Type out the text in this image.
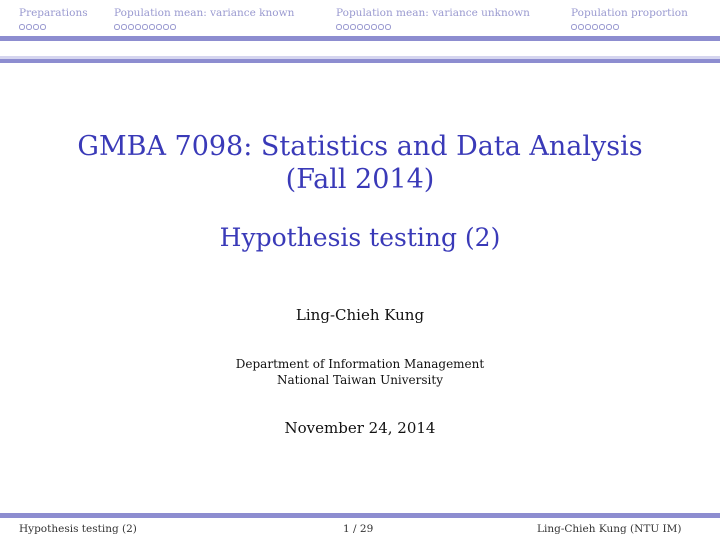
Preparations	Population mean: variance known	Population mean: variance unknown	Population proportion
GMBA 7098: Statistics and Data Analysis
(Fall 2014)
Hypothesis testing (2)
Ling-Chieh Kung
Department of Information Management
National Taiwan University
November 24, 2014
Hypothesis testing (2)	1 / 29	Ling-Chieh Kung (NTU IM)
